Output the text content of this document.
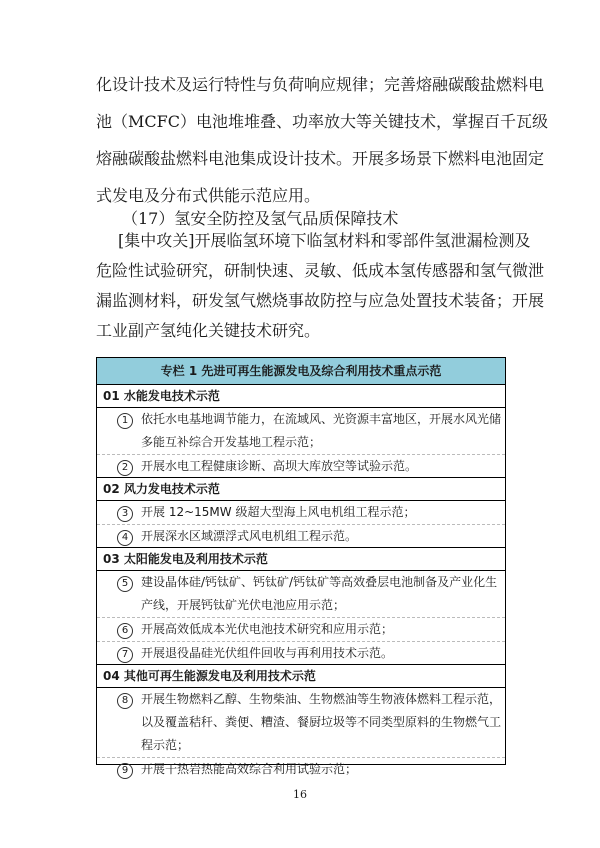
化设计技术及运行特性与负荷响应规律；完善熔融碳酸盐燃料电
池（MCFC）电池堆堆叠、功率放大等关键技术，掌握百千瓦级
熔融碳酸盐燃料电池集成设计技术。开展多场景下燃料电池固定
式发电及分布式供能示范应用。
（17）氢安全防控及氢气品质保障技术
[集中攻关]开展临氢环境下临氢材料和零部件氢泄漏检测及
危险性试验研究，研制快速、灵敏、低成本氢传感器和氢气微泄
漏监测材料，研发氢气燃烧事故防控与应急处置技术装备；开展
工业副产氢纯化关键技术研究。
专栏 1 先进可再生能源发电及综合利用技术重点示范
01 水能发电技术示范
1	依托水电基地调节能力，在流域风、光资源丰富地区，开展水风光储
多能互补综合开发基地工程示范；
2	开展水电工程健康诊断、高坝大库放空等试验示范。
02 风力发电技术示范
3	开展 12~15MW 级超大型海上风电机组工程示范；
4	开展深水区域漂浮式风电机组工程示范。
03 太阳能发电及利用技术示范
5	建设晶体硅/钙钛矿、钙钛矿/钙钛矿等高效叠层电池制备及产业化生
产线，开展钙钛矿光伏电池应用示范；
6	开展高效低成本光伏电池技术研究和应用示范；
7	开展退役晶硅光伏组件回收与再利用技术示范。
04 其他可再生能源发电及利用技术示范
8	开展生物燃料乙醇、生物柴油、生物燃油等生物液体燃料工程示范，
以及覆盖秸秆、粪便、糟渣、餐厨垃圾等不同类型原料的生物燃气工
程示范；
9	开展干热岩热能高效综合利用试验示范；
16
